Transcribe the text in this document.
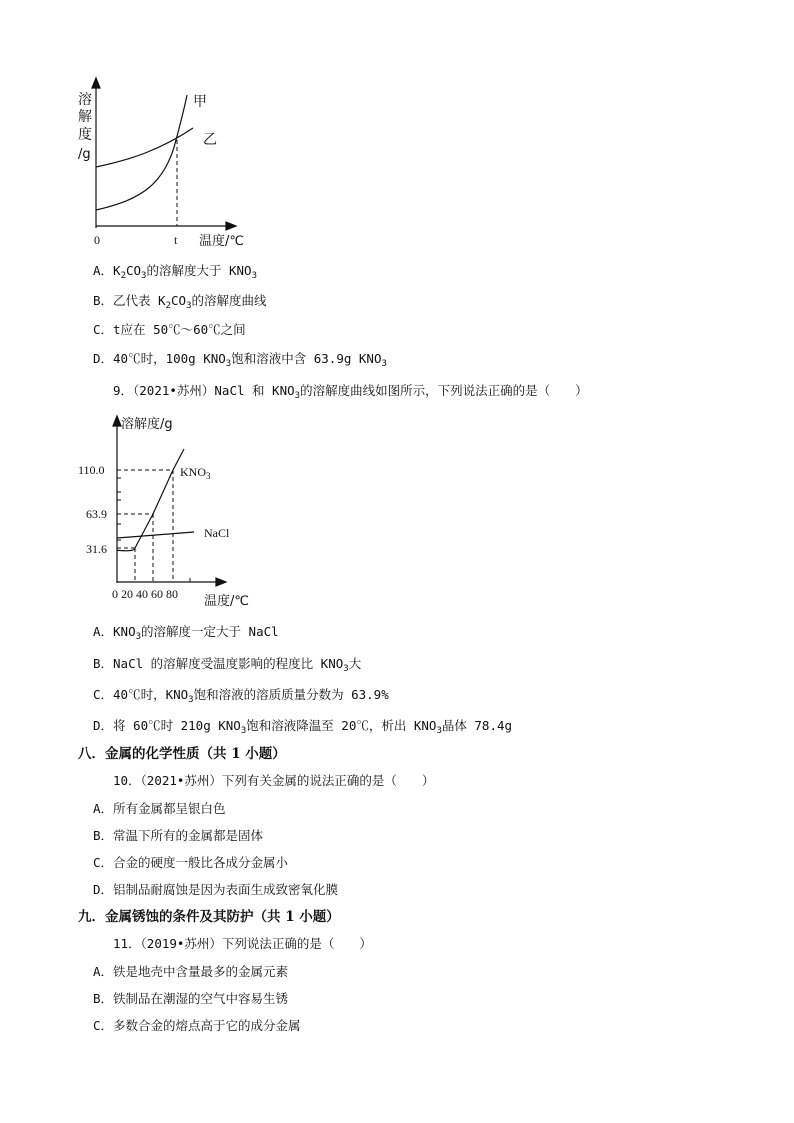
溶
解
度
/g
甲
乙
0	t 温度/℃
A．$K_2CO_3$的溶解度大于 $KNO_3$
B．乙代表 $K_2CO_3$的溶解度曲线
C．t应在 50℃～60℃之间
D．40℃时，100g $KNO_3$饱和溶液中含 63.9g $KNO_3$
9．（2021•苏州）NaCl 和 $KNO_3$的溶解度曲线如图所示，下列说法正确的是（　　）
溶解度/g
110.0
63.9
31.6
0 20 40 60 80 温度/℃
$KNO_3$
NaCl
A．$KNO_3$的溶解度一定大于 NaCl
B．NaCl 的溶解度受温度影响的程度比 $KNO_3$大
C．40℃时，$KNO_3$饱和溶液的溶质质量分数为 63.9%
D．将 60℃时 210g $KNO_3$饱和溶液降温至 20℃，析出 $KNO_3$晶体 78.4g
八．金属的化学性质（共 1 小题）
10．（2021•苏州）下列有关金属的说法正确的是（　　）
A．所有金属都呈银白色
B．常温下所有的金属都是固体
C．合金的硬度一般比各成分金属小
D．铝制品耐腐蚀是因为表面生成致密氧化膜
九．金属锈蚀的条件及其防护（共 1 小题）
11．（2019•苏州）下列说法正确的是（　　）
A．铁是地壳中含量最多的金属元素
B．铁制品在潮湿的空气中容易生锈
C．多数合金的熔点高于它的成分金属
